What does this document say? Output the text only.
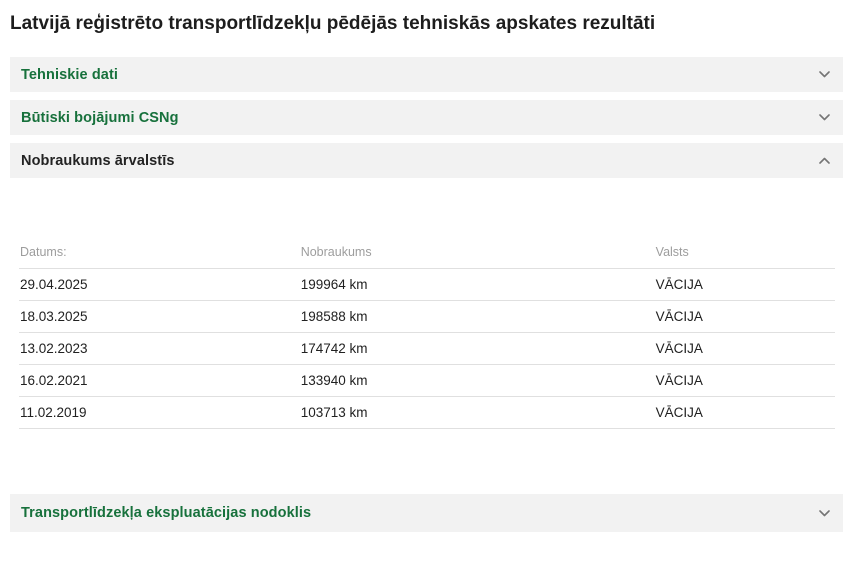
Latvijā reģistrēto transportlīdzekļu pēdējās tehniskās apskates rezultāti
Tehniskie dati
Būtiski bojājumi CSNg
Nobraukums ārvalstīs
Datums:	Nobraukums	Valsts
29.04.2025	199964 km	VĀCIJA
18.03.2025	198588 km	VĀCIJA
13.02.2023	174742 km	VĀCIJA
16.02.2021	133940 km	VĀCIJA
11.02.2019	103713 km	VĀCIJA
Transportlīdzekļa ekspluatācijas nodoklis
